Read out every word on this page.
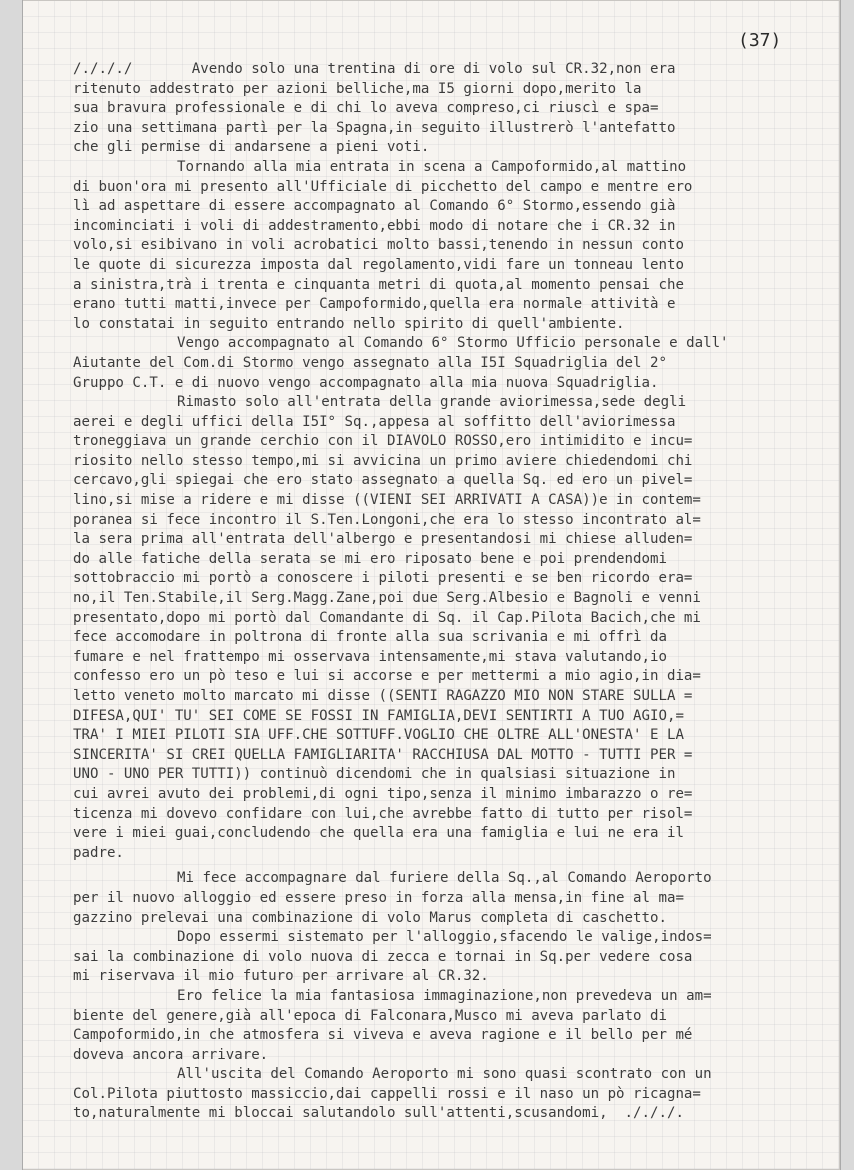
(37)
/./././       Avendo solo una trentina di ore di volo sul CR.32,non era
ritenuto addestrato per azioni belliche,ma I5 giorni dopo,merito la
sua bravura professionale e di chi lo aveva compreso,ci riuscì e spa=
zio una settimana partì per la Spagna,in seguito illustrerò l'antefatto
che gli permise di andarsene a pieni voti.
Tornando alla mia entrata in scena a Campoformido,al mattino
di buon'ora mi presento all'Ufficiale di picchetto del campo e mentre ero
lì ad aspettare di essere accompagnato al Comando 6° Stormo,essendo già
incominciati i voli di addestramento,ebbi modo di notare che i CR.32 in
volo,si esibivano in voli acrobatici molto bassi,tenendo in nessun conto
le quote di sicurezza imposta dal regolamento,vidi fare un tonneau lento
a sinistra,trà i trenta e cinquanta metri di quota,al momento pensai che
erano tutti matti,invece per Campoformido,quella era normale attività e
lo constatai in seguito entrando nello spirito di quell'ambiente.
Vengo accompagnato al Comando 6° Stormo Ufficio personale e dall'
Aiutante del Com.di Stormo vengo assegnato alla I5I Squadriglia del 2°
Gruppo C.T. e di nuovo vengo accompagnato alla mia nuova Squadriglia.
Rimasto solo all'entrata della grande aviorimessa,sede degli
aerei e degli uffici della I5I° Sq.,appesa al soffitto dell'aviorimessa
troneggiava un grande cerchio con il DIAVOLO ROSSO,ero intimidito e incu=
riosito nello stesso tempo,mi si avvicina un primo aviere chiedendomi chi
cercavo,gli spiegai che ero stato assegnato a quella Sq. ed ero un pivel=
lino,si mise a ridere e mi disse ((VIENI SEI ARRIVATI A CASA))e in contem=
poranea si fece incontro il S.Ten.Longoni,che era lo stesso incontrato al=
la sera prima all'entrata dell'albergo e presentandosi mi chiese alluden=
do alle fatiche della serata se mi ero riposato bene e poi prendendomi
sottobraccio mi portò a conoscere i piloti presenti e se ben ricordo era=
no,il Ten.Stabile,il Serg.Magg.Zane,poi due Serg.Albesio e Bagnoli e venni
presentato,dopo mi portò dal Comandante di Sq. il Cap.Pilota Bacich,che mi
fece accomodare in poltrona di fronte alla sua scrivania e mi offrì da
fumare e nel frattempo mi osservava intensamente,mi stava valutando,io
confesso ero un pò teso e lui si accorse e per mettermi a mio agio,in dia=
letto veneto molto marcato mi disse ((SENTI RAGAZZO MIO NON STARE SULLA =
DIFESA,QUI' TU' SEI COME SE FOSSI IN FAMIGLIA,DEVI SENTIRTI A TUO AGIO,=
TRA' I MIEI PILOTI SIA UFF.CHE SOTTUFF.VOGLIO CHE OLTRE ALL'ONESTA' E LA
SINCERITA' SI CREI QUELLA FAMIGLIARITA' RACCHIUSA DAL MOTTO - TUTTI PER =
UNO - UNO PER TUTTI)) continuò dicendomi che in qualsiasi situazione in
cui avrei avuto dei problemi,di ogni tipo,senza il minimo imbarazzo o re=
ticenza mi dovevo confidare con lui,che avrebbe fatto di tutto per risol=
vere i miei guai,concludendo che quella era una famiglia e lui ne era il
padre.
Mi fece accompagnare dal furiere della Sq.,al Comando Aeroporto
per il nuovo alloggio ed essere preso in forza alla mensa,in fine al ma=
gazzino prelevai una combinazione di volo Marus completa di caschetto.
Dopo essermi sistemato per l'alloggio,sfacendo le valige,indos=
sai la combinazione di volo nuova di zecca e tornai in Sq.per vedere cosa
mi riservava il mio futuro per arrivare al CR.32.
Ero felice la mia fantasiosa immaginazione,non prevedeva un am=
biente del genere,già all'epoca di Falconara,Musco mi aveva parlato di
Campoformido,in che atmosfera si viveva e aveva ragione e il bello per mé
doveva ancora arrivare.
All'uscita del Comando Aeroporto mi sono quasi scontrato con un
Col.Pilota piuttosto massiccio,dai cappelli rossi e il naso un pò ricagna=
to,naturalmente mi bloccai salutandolo sull'attenti,scusandomi,  ./././.
